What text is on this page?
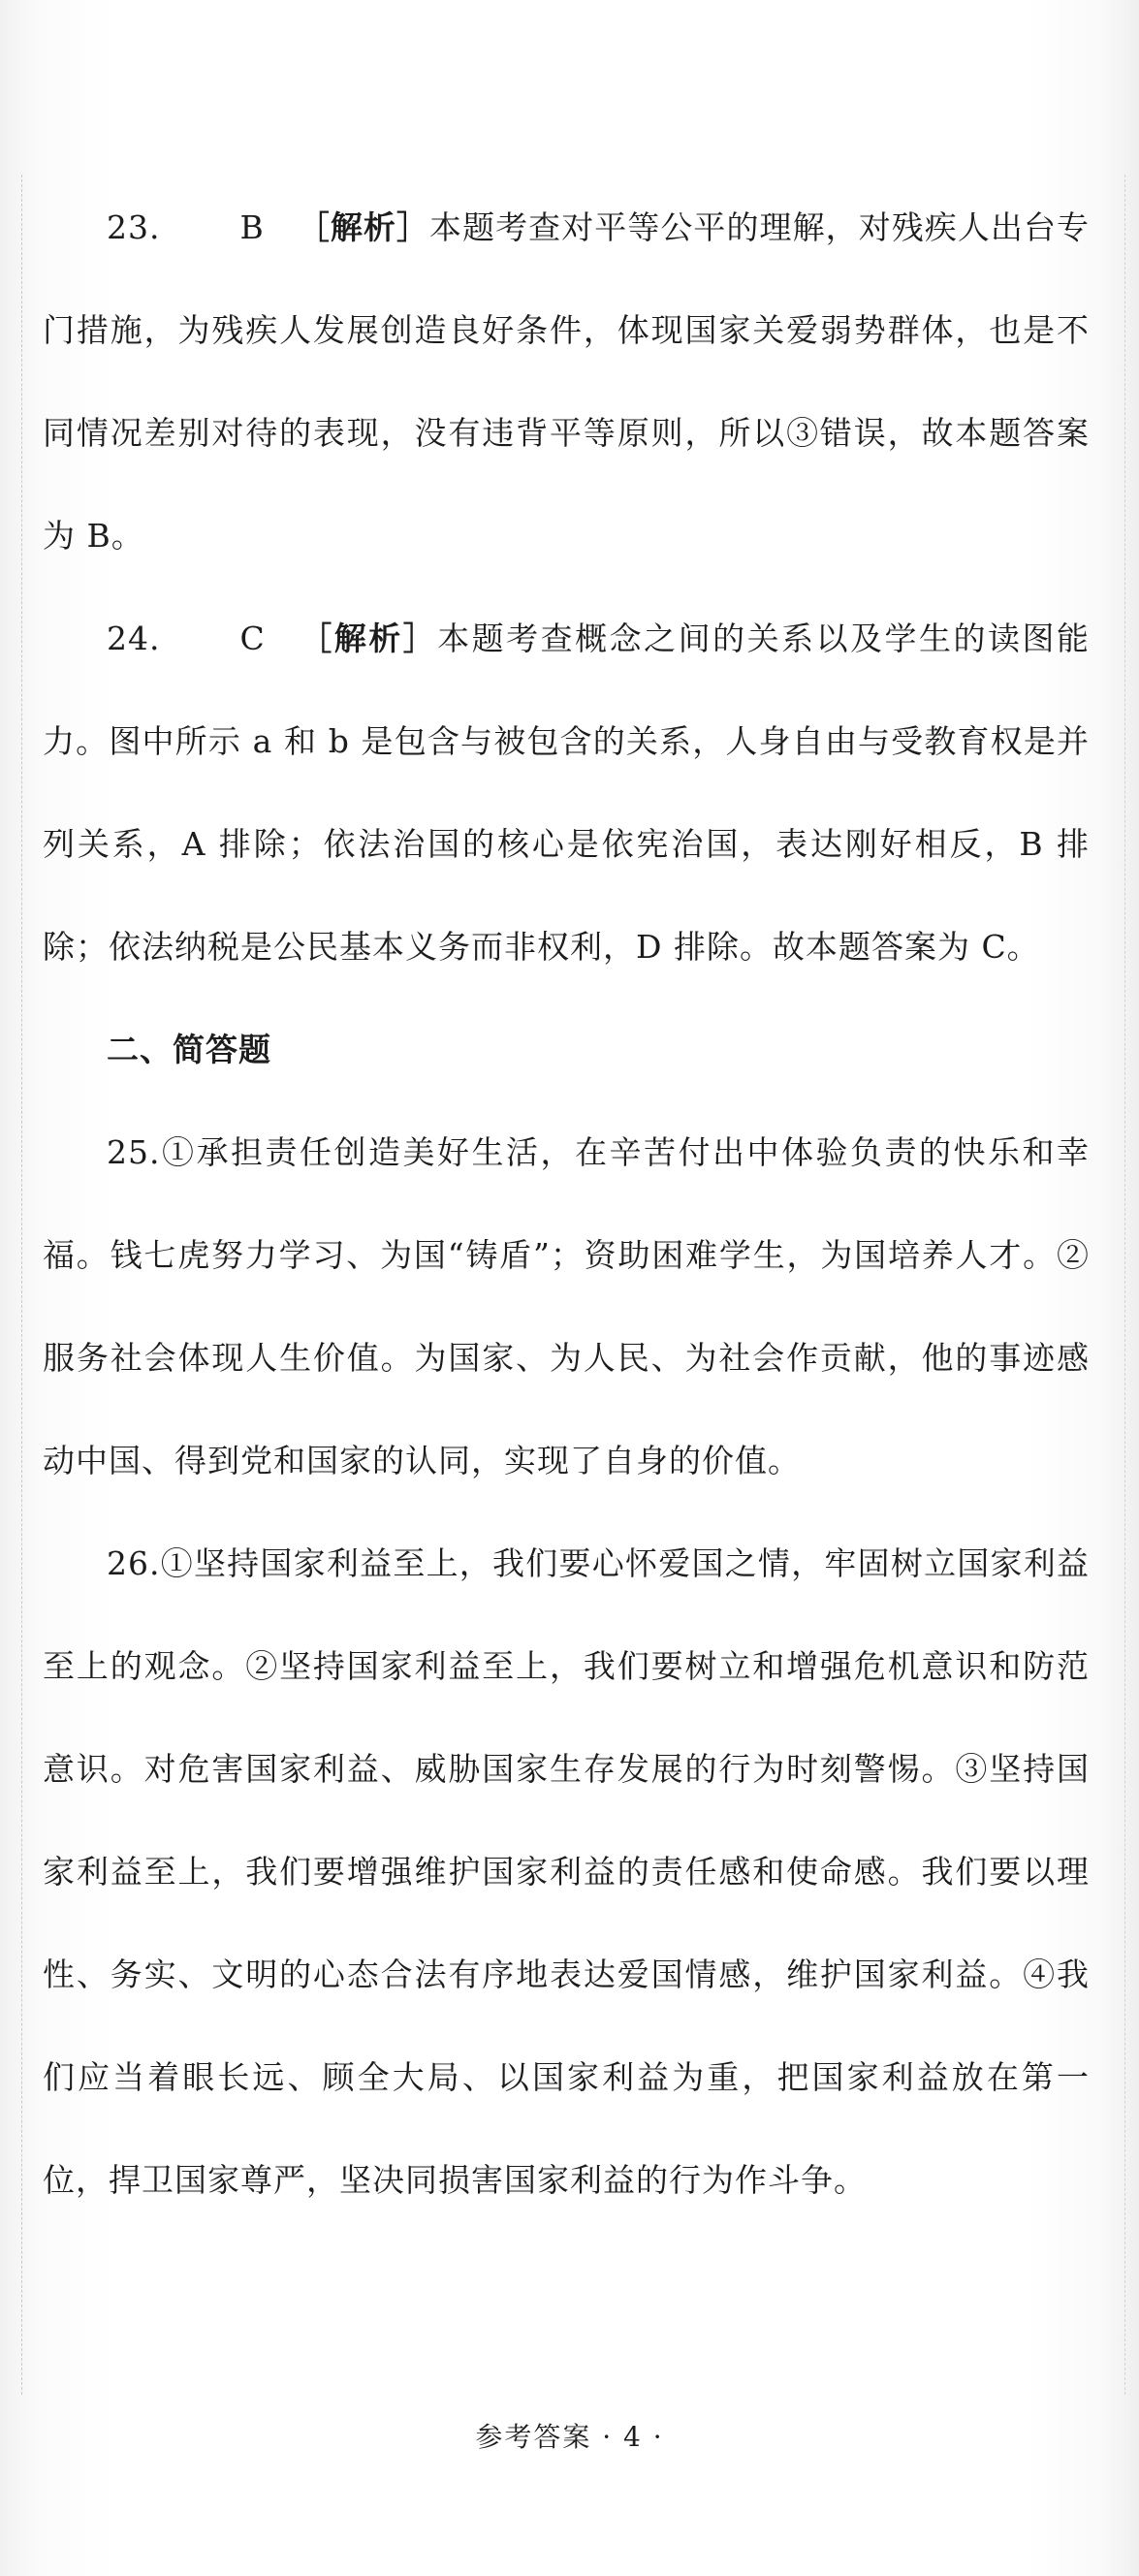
23. B ［解析］本题考查对平等公平的理解，对残疾人出台专门措施，为残疾人发展创造良好条件，体现国家关爱弱势群体，也是不同情况差别对待的表现，没有违背平等原则，所以③错误，故本题答案为 B。

24. C ［解析］本题考查概念之间的关系以及学生的读图能力。图中所示 a 和 b 是包含与被包含的关系，人身自由与受教育权是并列关系，A 排除；依法治国的核心是依宪治国，表达刚好相反，B 排除；依法纳税是公民基本义务而非权利，D 排除。故本题答案为 C。

二、简答题

25.①承担责任创造美好生活，在辛苦付出中体验负责的快乐和幸福。钱七虎努力学习、为国“铸盾”；资助困难学生，为国培养人才。②服务社会体现人生价值。为国家、为人民、为社会作贡献，他的事迹感动中国、得到党和国家的认同，实现了自身的价值。

26.①坚持国家利益至上，我们要心怀爱国之情，牢固树立国家利益至上的观念。②坚持国家利益至上，我们要树立和增强危机意识和防范意识。对危害国家利益、威胁国家生存发展的行为时刻警惕。③坚持国家利益至上，我们要增强维护国家利益的责任感和使命感。我们要以理性、务实、文明的心态合法有序地表达爱国情感，维护国家利益。④我们应当着眼长远、顾全大局、以国家利益为重，把国家利益放在第一位，捍卫国家尊严，坚决同损害国家利益的行为作斗争。

参考答案 · 4 ·
